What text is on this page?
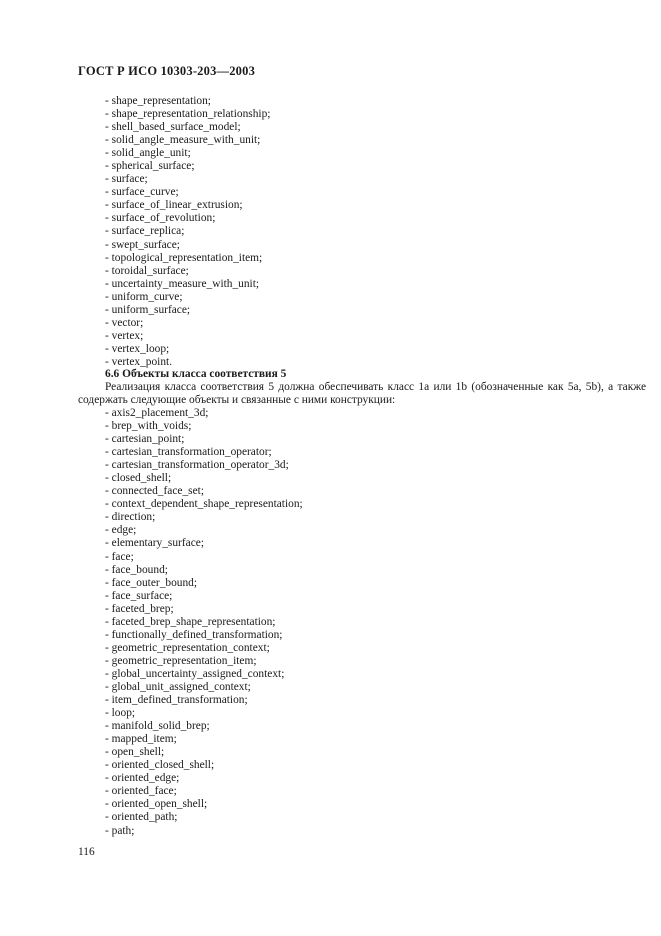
ГОСТ Р ИСО 10303-203—2003
- shape_representation;
- shape_representation_relationship;
- shell_based_surface_model;
- solid_angle_measure_with_unit;
- solid_angle_unit;
- spherical_surface;
- surface;
- surface_curve;
- surface_of_linear_extrusion;
- surface_of_revolution;
- surface_replica;
- swept_surface;
- topological_representation_item;
- toroidal_surface;
- uncertainty_measure_with_unit;
- uniform_curve;
- uniform_surface;
- vector;
- vertex;
- vertex_loop;
- vertex_point.
6.6 Объекты класса соответствия 5

Реализация класса соответствия 5 должна обеспечивать класс 1а или 1b (обозначенные как 5а, 5b), а также содержать следующие объекты и связанные с ними конструкции:

- axis2_placement_3d;
- brep_with_voids;
- cartesian_point;
- cartesian_transformation_operator;
- cartesian_transformation_operator_3d;
- closed_shell;
- connected_face_set;
- context_dependent_shape_representation;
- direction;
- edge;
- elementary_surface;
- face;
- face_bound;
- face_outer_bound;
- face_surface;
- faceted_brep;
- faceted_brep_shape_representation;
- functionally_defined_transformation;
- geometric_representation_context;
- geometric_representation_item;
- global_uncertainty_assigned_context;
- global_unit_assigned_context;
- item_defined_transformation;
- loop;
- manifold_solid_brep;
- mapped_item;
- open_shell;
- oriented_closed_shell;
- oriented_edge;
- oriented_face;
- oriented_open_shell;
- oriented_path;
- path;
116
